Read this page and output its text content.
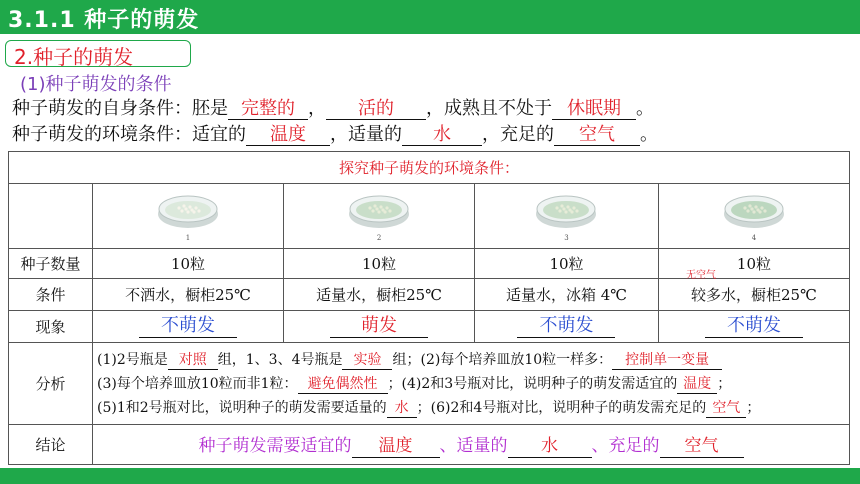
3.1.1 种子的萌发
2.种子的萌发
(1)种子萌发的条件
种子萌发的自身条件：胚是 完整的 ， 活的 ，成熟且不处于 休眠期 。
种子萌发的环境条件：适宜的 温度 ，适量的 水 ，充足的 空气 。
探究种子萌发的环境条件：				

	1	2	3	4

种子数量	10粒	10粒	10粒	10粒
条件	不洒水，橱柜25℃	适量水，橱柜25℃	适量水，冰箱 4℃	较多水，橱柜25℃
现象	不萌发	萌发	不萌发	不萌发
分析	(1)2号瓶是 对照 组，1、3、4号瓶是 实验 组；(2)每个培养皿放10粒一样多： 控制单一变量
(3)每个培养皿放10粒而非1粒： 避免偶然性 ；(4)2和3号瓶对比，说明种子的萌发需适宜的 温度 ；
(5)1和2号瓶对比，说明种子的萌发需要适量的 水 ；(6)2和4号瓶对比，说明种子的萌发需充足的 空气 ；			

结论	种子萌发需要适宜的 温度 、适量的 水 、充足的 空气			
无空气
